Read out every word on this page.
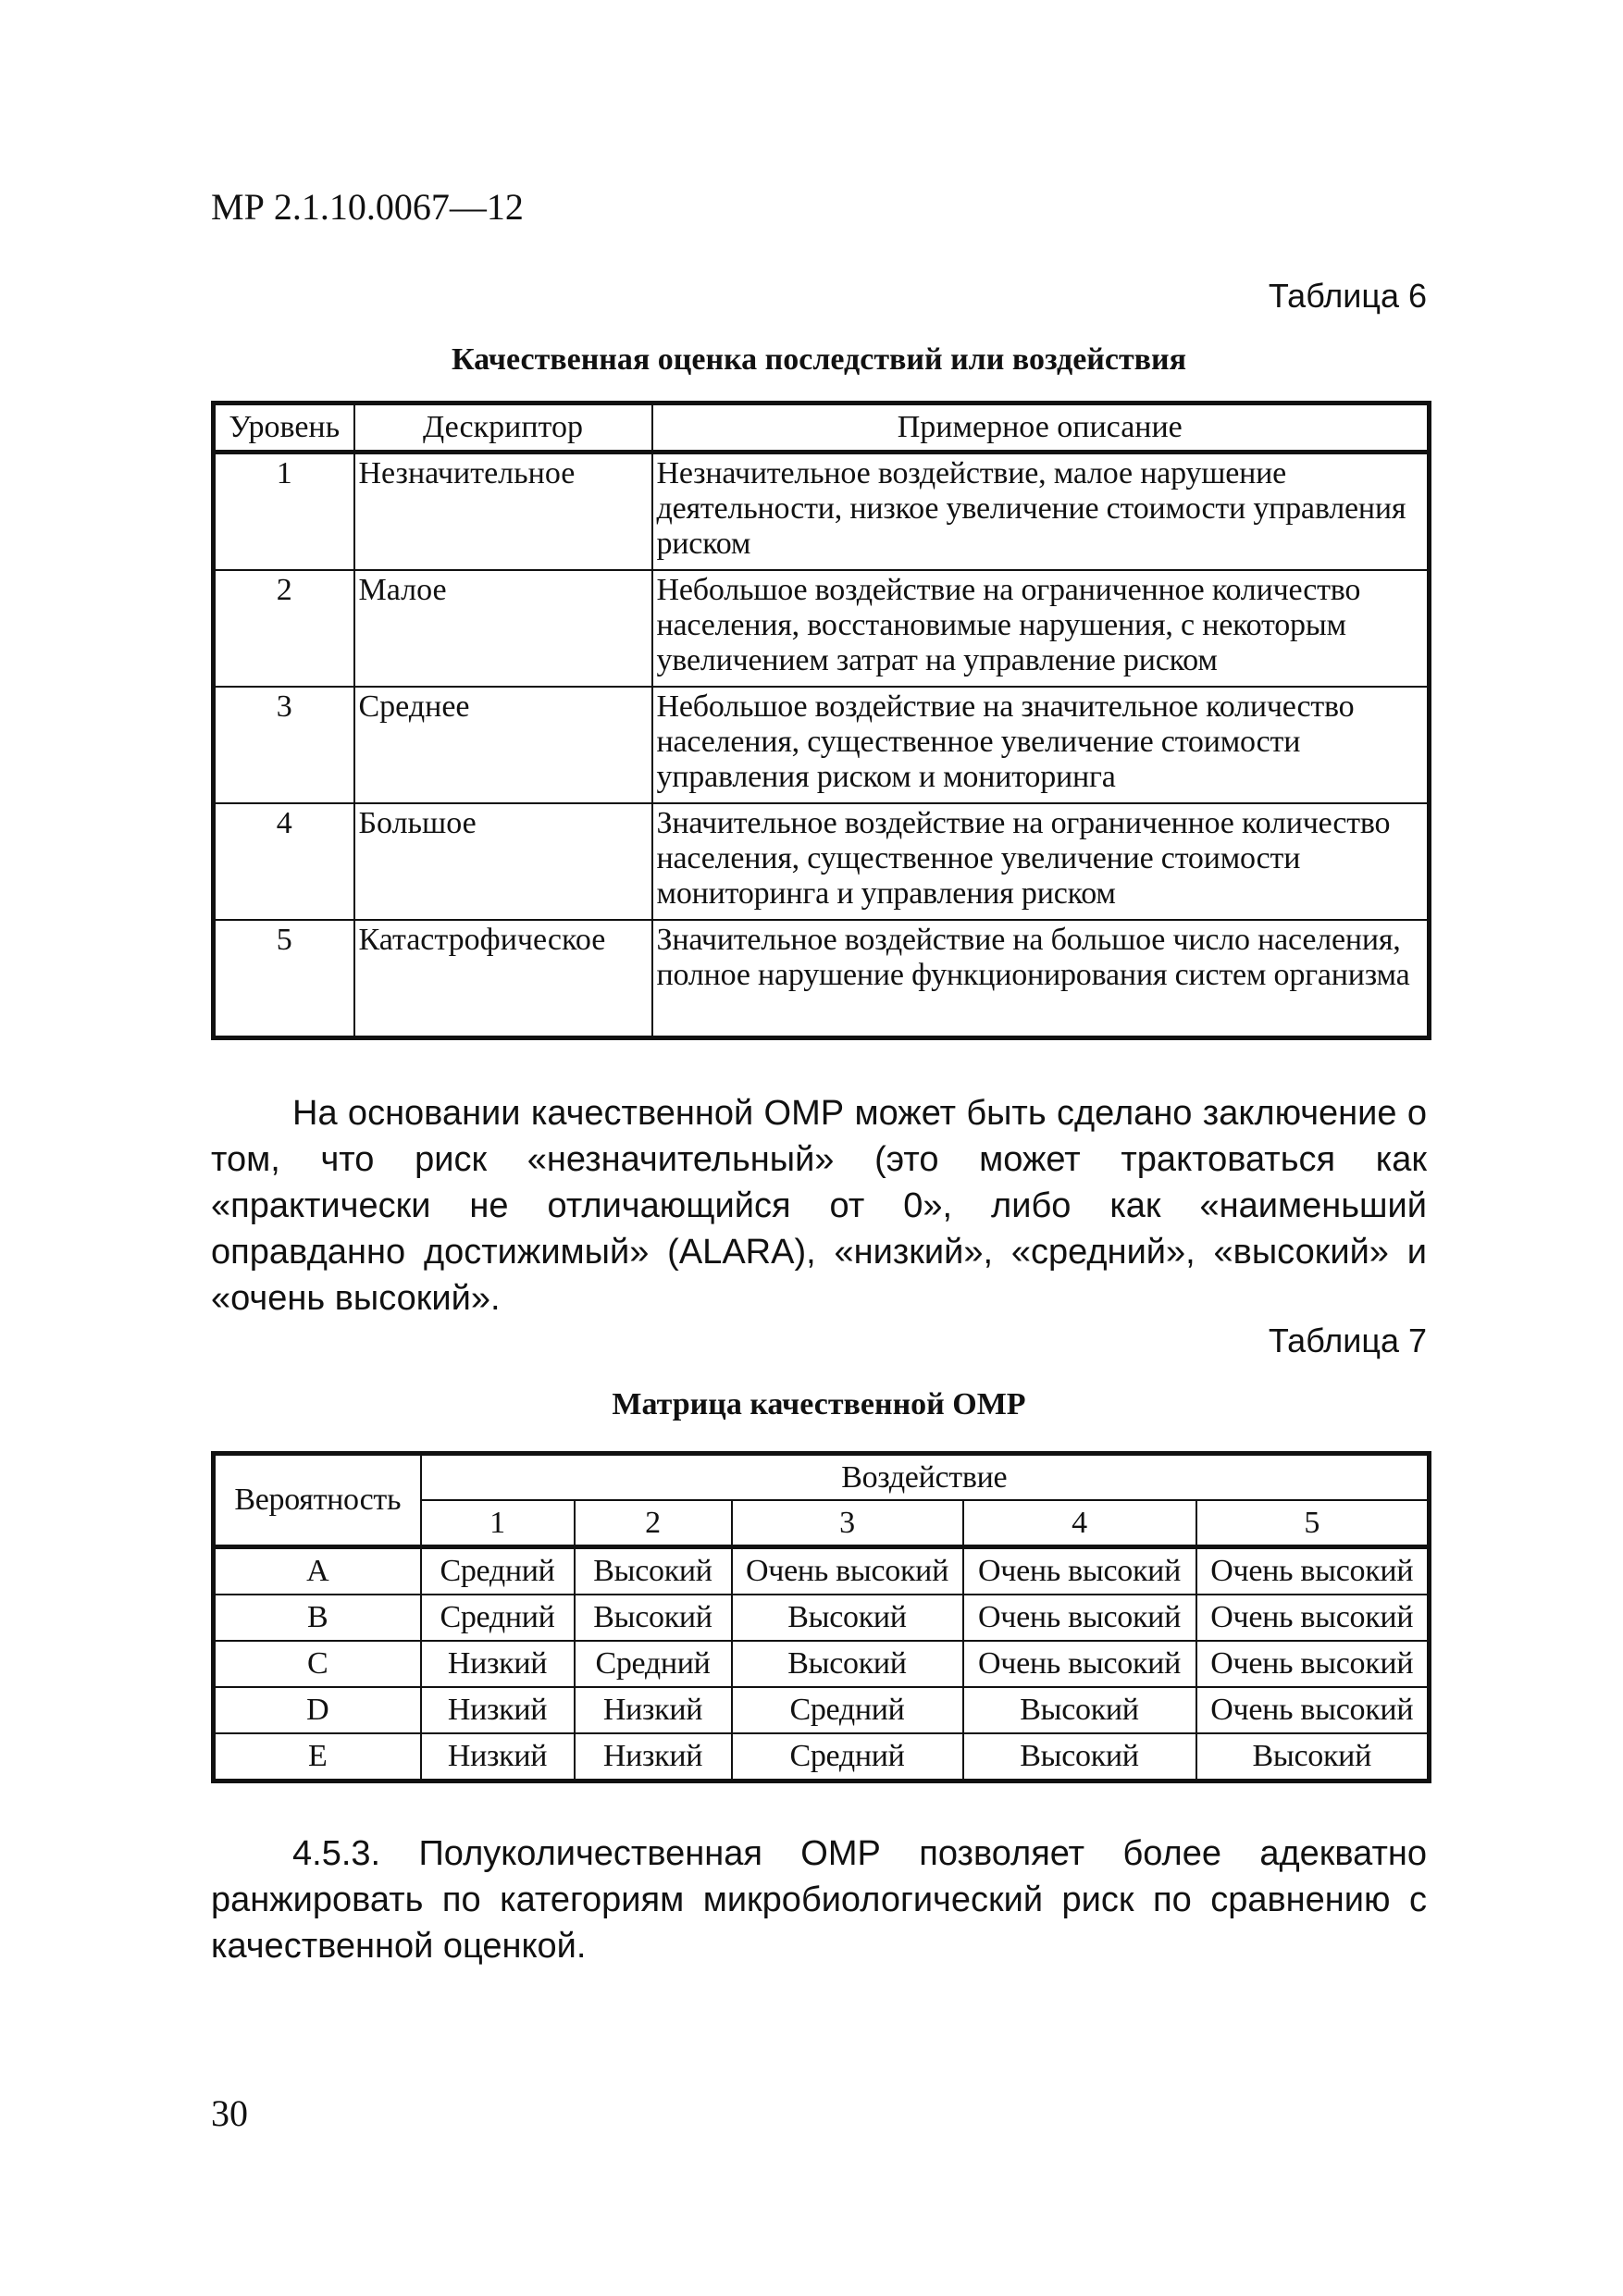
МР 2.1.10.0067—12
Таблица 6
Качественная оценка последствий или воздействия
Уровень	Дескриптор	Примерное описание
1	Незначительное	Незначительное воздействие, малое нарушение деятельности, низкое увеличение стоимости управления риском
2	Малое	Небольшое воздействие на ограниченное количество населения, восстановимые нарушения, с некоторым увеличением затрат на управление риском
3	Среднее	Небольшое воздействие на значительное количество населения, существенное увеличение стоимости управления риском и мониторинга
4	Большое	Значительное воздействие на ограниченное количество населения, существенное увеличение стоимости мониторинга и управления риском
5	Катастрофическое	Значительное воздействие на большое число населения, полное нарушение функционирования систем организма

На основании качественной ОМР может быть сделано заключение о том, что риск «незначительный» (это может трактоваться как «практически не отличающийся от 0», либо как «наименьший оправданно достижимый» (ALARA), «низкий», «средний», «высокий» и «очень высокий».

Таблица 7
Матрица качественной ОМР
Вероятность	Воздействие				
	1	2	3	4	5
A	Средний	Высокий	Очень высокий	Очень высокий	Очень высокий
B	Средний	Высокий	Высокий	Очень высокий	Очень высокий
C	Низкий	Средний	Высокий	Очень высокий	Очень высокий
D	Низкий	Низкий	Средний	Высокий	Очень высокий
E	Низкий	Низкий	Средний	Высокий	Высокий

4.5.3. Полуколичественная ОМР позволяет более адекватно ранжировать по категориям микробиологический риск по сравнению с качественной оценкой.

30
